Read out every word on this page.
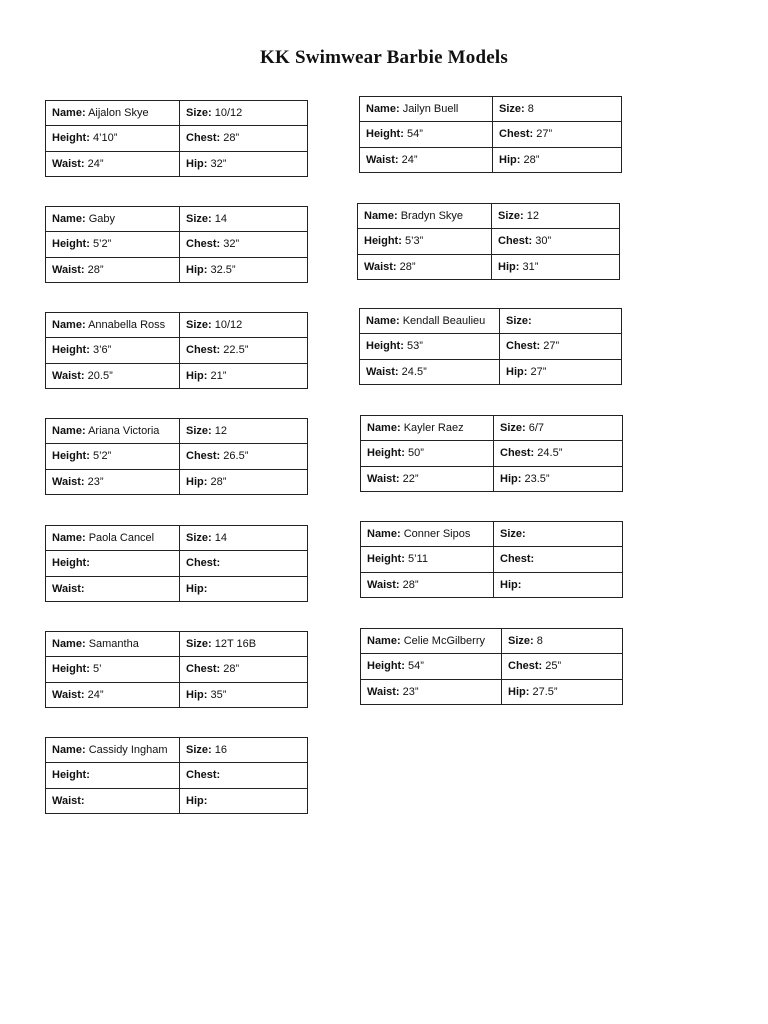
KK Swimwear Barbie Models
Name: Aijalon Skye	Size: 10/12
Height: 4’10”	Chest: 28”
Waist: 24”	Hip: 32”
Name: Gaby	Size: 14
Height: 5’2”	Chest: 32”
Waist: 28”	Hip: 32.5”
Name: Annabella Ross	Size: 10/12
Height: 3’6”	Chest: 22.5”
Waist: 20.5”	Hip: 21”
Name: Ariana Victoria	Size: 12
Height: 5’2”	Chest: 26.5”
Waist: 23”	Hip: 28”
Name: Paola Cancel	Size: 14
Height:	Chest:
Waist:	Hip:
Name: Samantha	Size: 12T 16B
Height: 5’	Chest: 28”
Waist: 24”	Hip: 35”
Name: Cassidy Ingham	Size: 16
Height:	Chest:
Waist:	Hip:
Name: Jailyn Buell	Size: 8
Height: 54”	Chest: 27”
Waist: 24”	Hip: 28”
Name: Bradyn Skye	Size: 12
Height: 5’3”	Chest: 30”
Waist: 28”	Hip: 31”
Name: Kendall Beaulieu	Size:
Height: 53”	Chest: 27”
Waist: 24.5”	Hip: 27”
Name: Kayler Raez	Size: 6/7
Height: 50”	Chest: 24.5”
Waist: 22”	Hip: 23.5”
Name: Conner Sipos	Size:
Height: 5’11	Chest:
Waist: 28”	Hip:
Name: Celie McGilberry	Size: 8
Height: 54”	Chest: 25”
Waist: 23”	Hip: 27.5”
